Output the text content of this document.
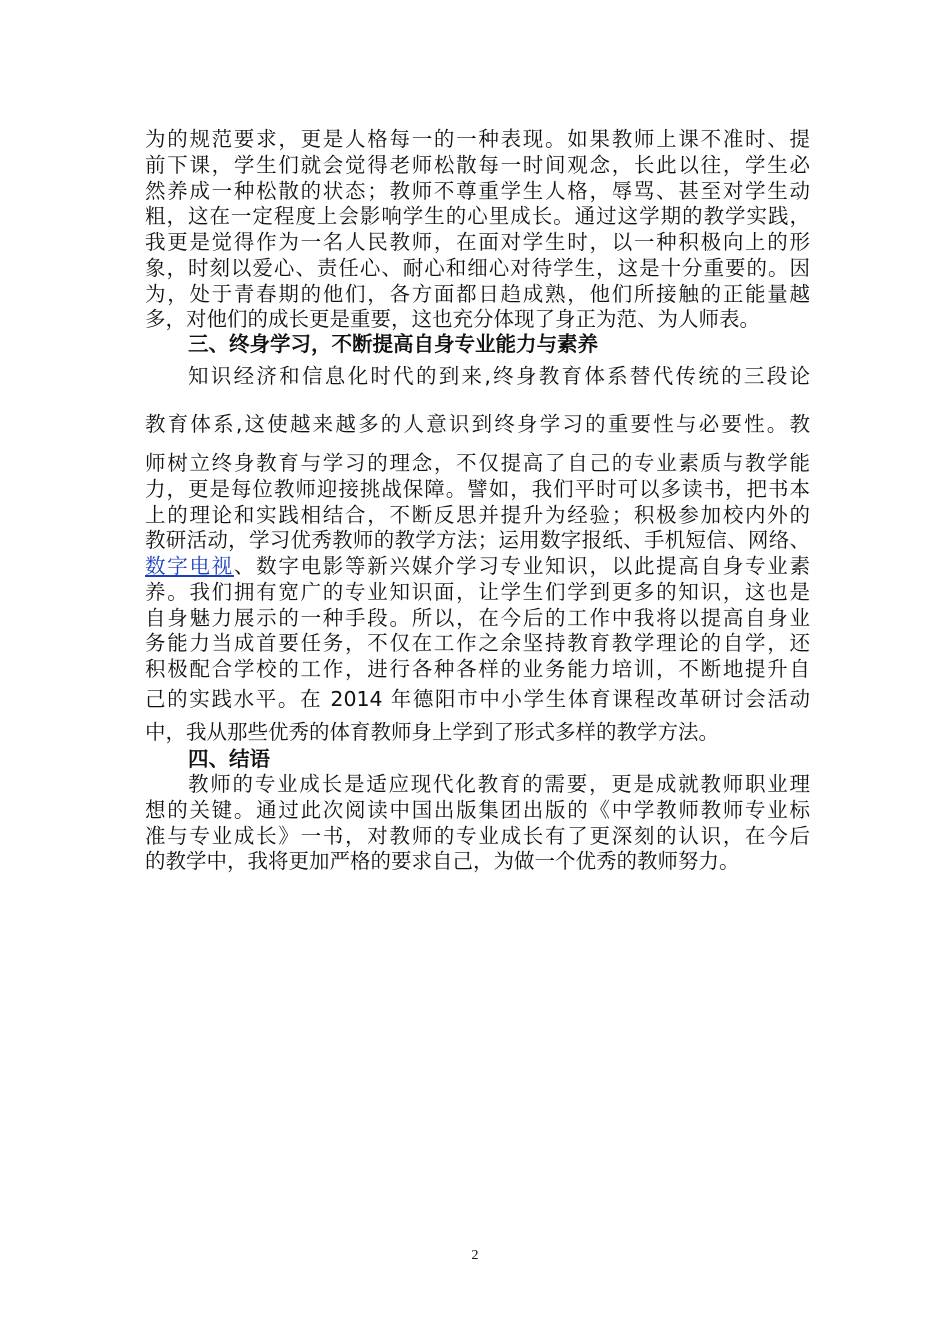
为的规范要求，更是人格每一的一种表现。如果教师上课不准时、提
前下课，学生们就会觉得老师松散每一时间观念，长此以往，学生必
然养成一种松散的状态；教师不尊重学生人格，辱骂、甚至对学生动
粗，这在一定程度上会影响学生的心里成长。通过这学期的教学实践，
我更是觉得作为一名人民教师，在面对学生时，以一种积极向上的形
象，时刻以爱心、责任心、耐心和细心对待学生，这是十分重要的。因
为，处于青春期的他们，各方面都日趋成熟，他们所接触的正能量越
多，对他们的成长更是重要，这也充分体现了身正为范、为人师表。
三、终身学习，不断提高自身专业能力与素养
知识经济和信息化时代的到来,终身教育体系替代传统的三段论
教育体系,这使越来越多的人意识到终身学习的重要性与必要性。教
师树立终身教育与学习的理念，不仅提高了自己的专业素质与教学能
力，更是每位教师迎接挑战保障。譬如，我们平时可以多读书，把书本
上的理论和实践相结合，不断反思并提升为经验；积极参加校内外的
教研活动，学习优秀教师的教学方法；运用数字报纸、手机短信、网络、
数字电视、数字电影等新兴媒介学习专业知识，以此提高自身专业素
养。我们拥有宽广的专业知识面，让学生们学到更多的知识，这也是
自身魅力展示的一种手段。所以，在今后的工作中我将以提高自身业
务能力当成首要任务，不仅在工作之余坚持教育教学理论的自学，还
积极配合学校的工作，进行各种各样的业务能力培训，不断地提升自
己的实践水平。在 2014 年德阳市中小学生体育课程改革研讨会活动
中，我从那些优秀的体育教师身上学到了形式多样的教学方法。
四、结语
教师的专业成长是适应现代化教育的需要，更是成就教师职业理
想的关键。通过此次阅读中国出版集团出版的《中学教师教师专业标
准与专业成长》一书，对教师的专业成长有了更深刻的认识，在今后
的教学中，我将更加严格的要求自己，为做一个优秀的教师努力。
2
